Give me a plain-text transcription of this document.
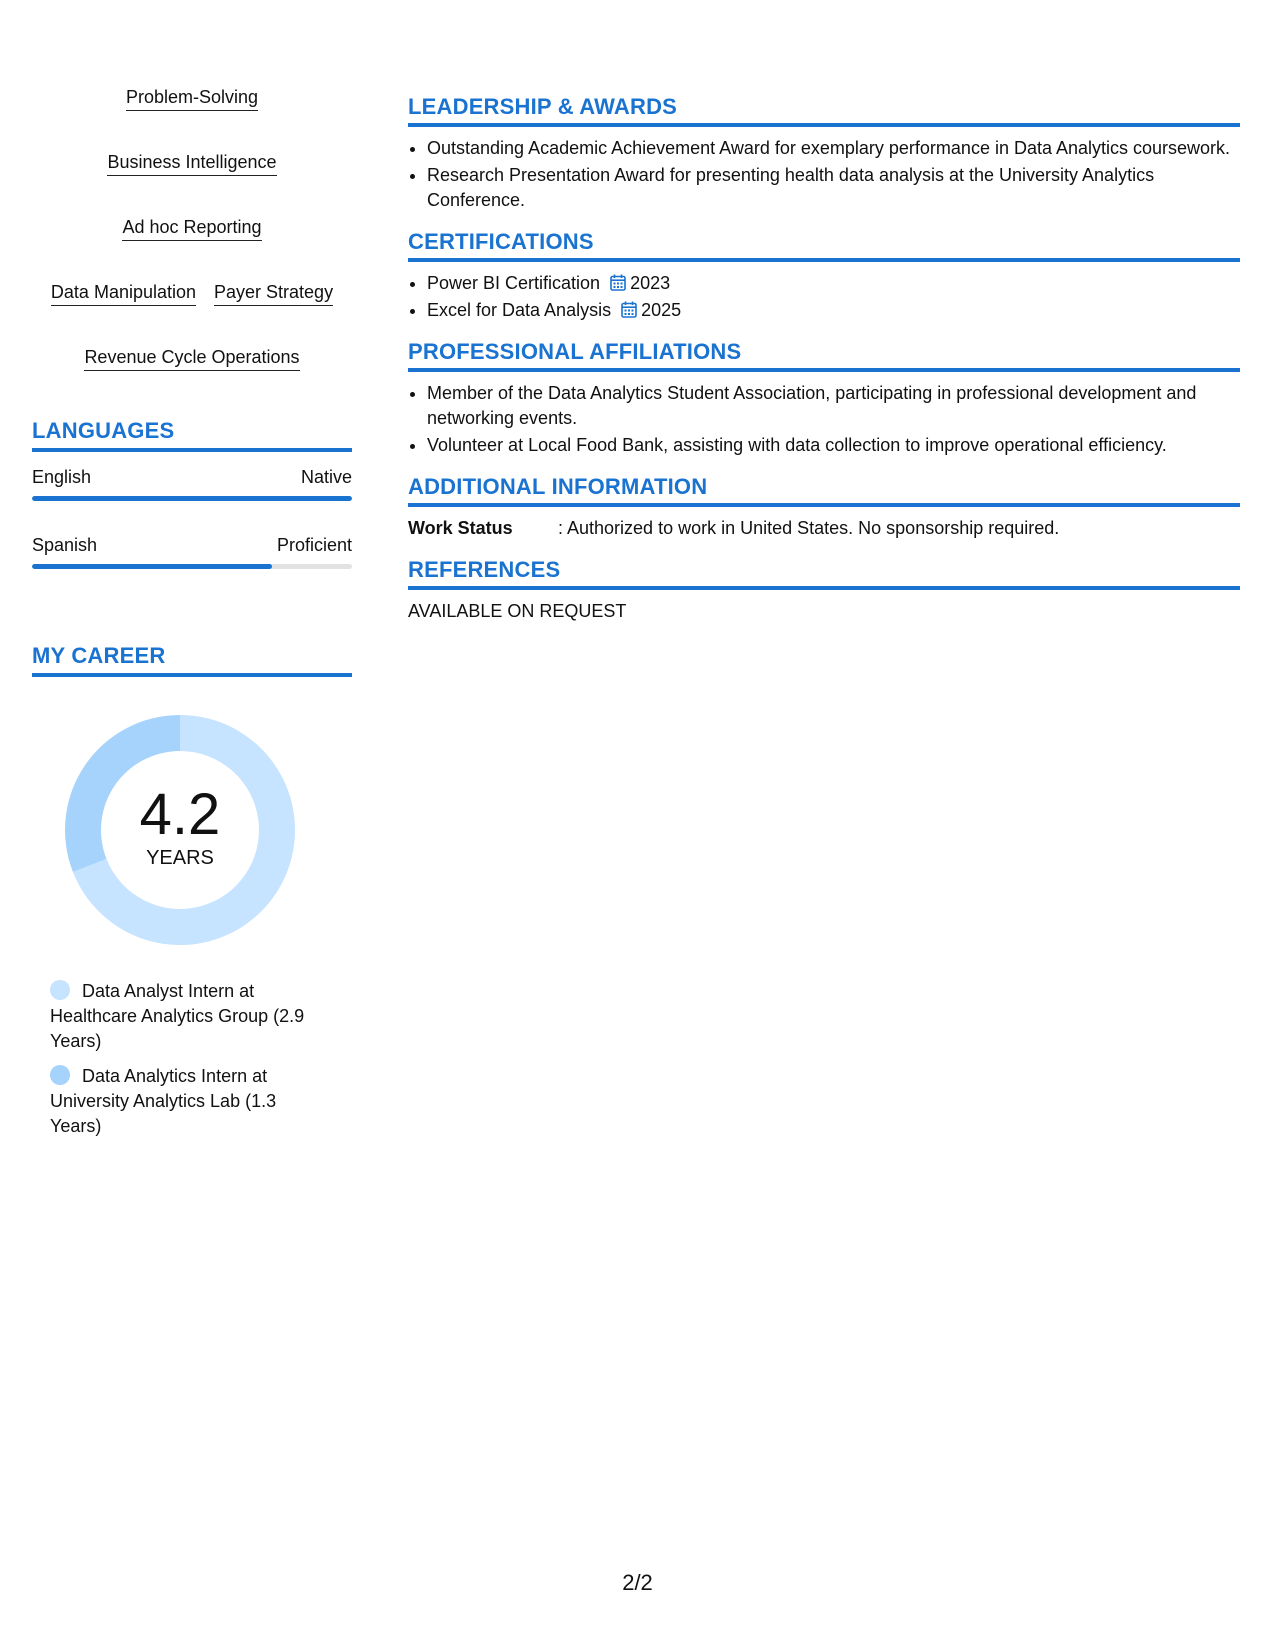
Problem-Solving
Business Intelligence
Ad hoc Reporting
Data Manipulation Payer Strategy
Revenue Cycle Operations
LANGUAGES
English	Native
Spanish	Proficient
MY CAREER
4.2
YEARS
Data Analyst Intern at Healthcare Analytics Group (2.9 Years)
Data Analytics Intern at University Analytics Lab (1.3 Years)
LEADERSHIP & AWARDS
• Outstanding Academic Achievement Award for exemplary performance in Data Analytics coursework.
• Research Presentation Award for presenting health data analysis at the University Analytics Conference.
CERTIFICATIONS
• Power BI Certification 2023
• Excel for Data Analysis 2025
PROFESSIONAL AFFILIATIONS
• Member of the Data Analytics Student Association, participating in professional development and networking events.
• Volunteer at Local Food Bank, assisting with data collection to improve operational efficiency.
ADDITIONAL INFORMATION
Work Status	: Authorized to work in United States. No sponsorship required.
REFERENCES
AVAILABLE ON REQUEST
2/2
